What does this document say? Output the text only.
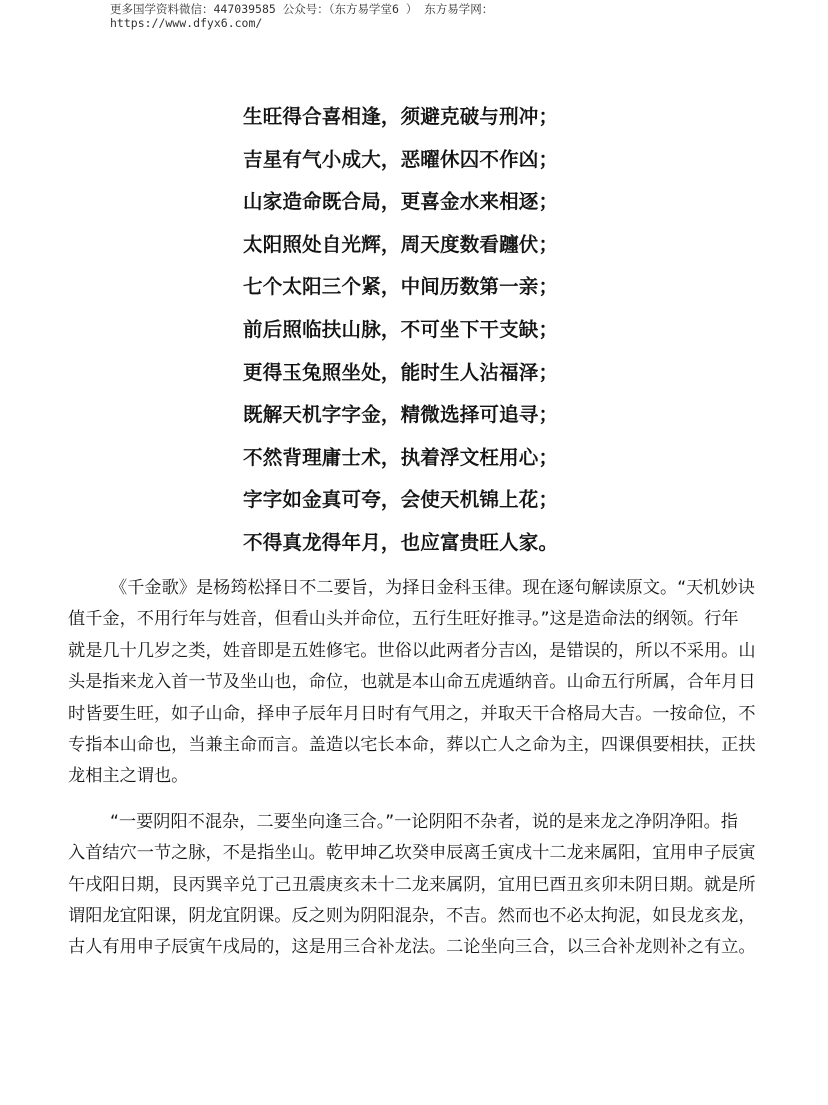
更多国学资料微信：447039585 公众号：（东方易学堂6 ） 东方易学网：
https://www.dfyx6.com/
生旺得合喜相逢，须避克破与刑冲；
吉星有气小成大，恶曜休囚不作凶；
山家造命既合局，更喜金水来相逐；
太阳照处自光辉，周天度数看躔伏；
七个太阳三个紧，中间历数第一亲；
前后照临扶山脉，不可坐下干支缺；
更得玉兔照坐处，能时生人沾福泽；
既解天机字字金，精微选择可追寻；
不然背理庸士术，执着浮文枉用心；
字字如金真可夸，会使天机锦上花；
不得真龙得年月，也应富贵旺人家。
《千金歌》是杨筠松择日不二要旨，为择日金科玉律。现在逐句解读原文。“天机妙诀
值千金，不用行年与姓音，但看山头并命位，五行生旺好推寻。”这是造命法的纲领。行年
就是几十几岁之类，姓音即是五姓修宅。世俗以此两者分吉凶，是错误的，所以不采用。山
头是指来龙入首一节及坐山也，命位，也就是本山命五虎遁纳音。山命五行所属，合年月日
时皆要生旺，如子山命，择申子辰年月日时有气用之，并取天干合格局大吉。一按命位，不
专指本山命也，当兼主命而言。盖造以宅长本命，葬以亡人之命为主，四课俱要相扶，正扶
龙相主之谓也。
“一要阴阳不混杂，二要坐向逢三合。”一论阴阳不杂者，说的是来龙之净阴净阳。指
入首结穴一节之脉，不是指坐山。乾甲坤乙坎癸申辰离壬寅戌十二龙来属阳，宜用申子辰寅
午戌阳日期，艮丙巽辛兑丁己丑震庚亥未十二龙来属阴，宜用巳酉丑亥卯未阴日期。就是所
谓阳龙宜阳课，阴龙宜阴课。反之则为阴阳混杂，不吉。然而也不必太拘泥，如艮龙亥龙，
古人有用申子辰寅午戌局的，这是用三合补龙法。二论坐向三合，以三合补龙则补之有立。
